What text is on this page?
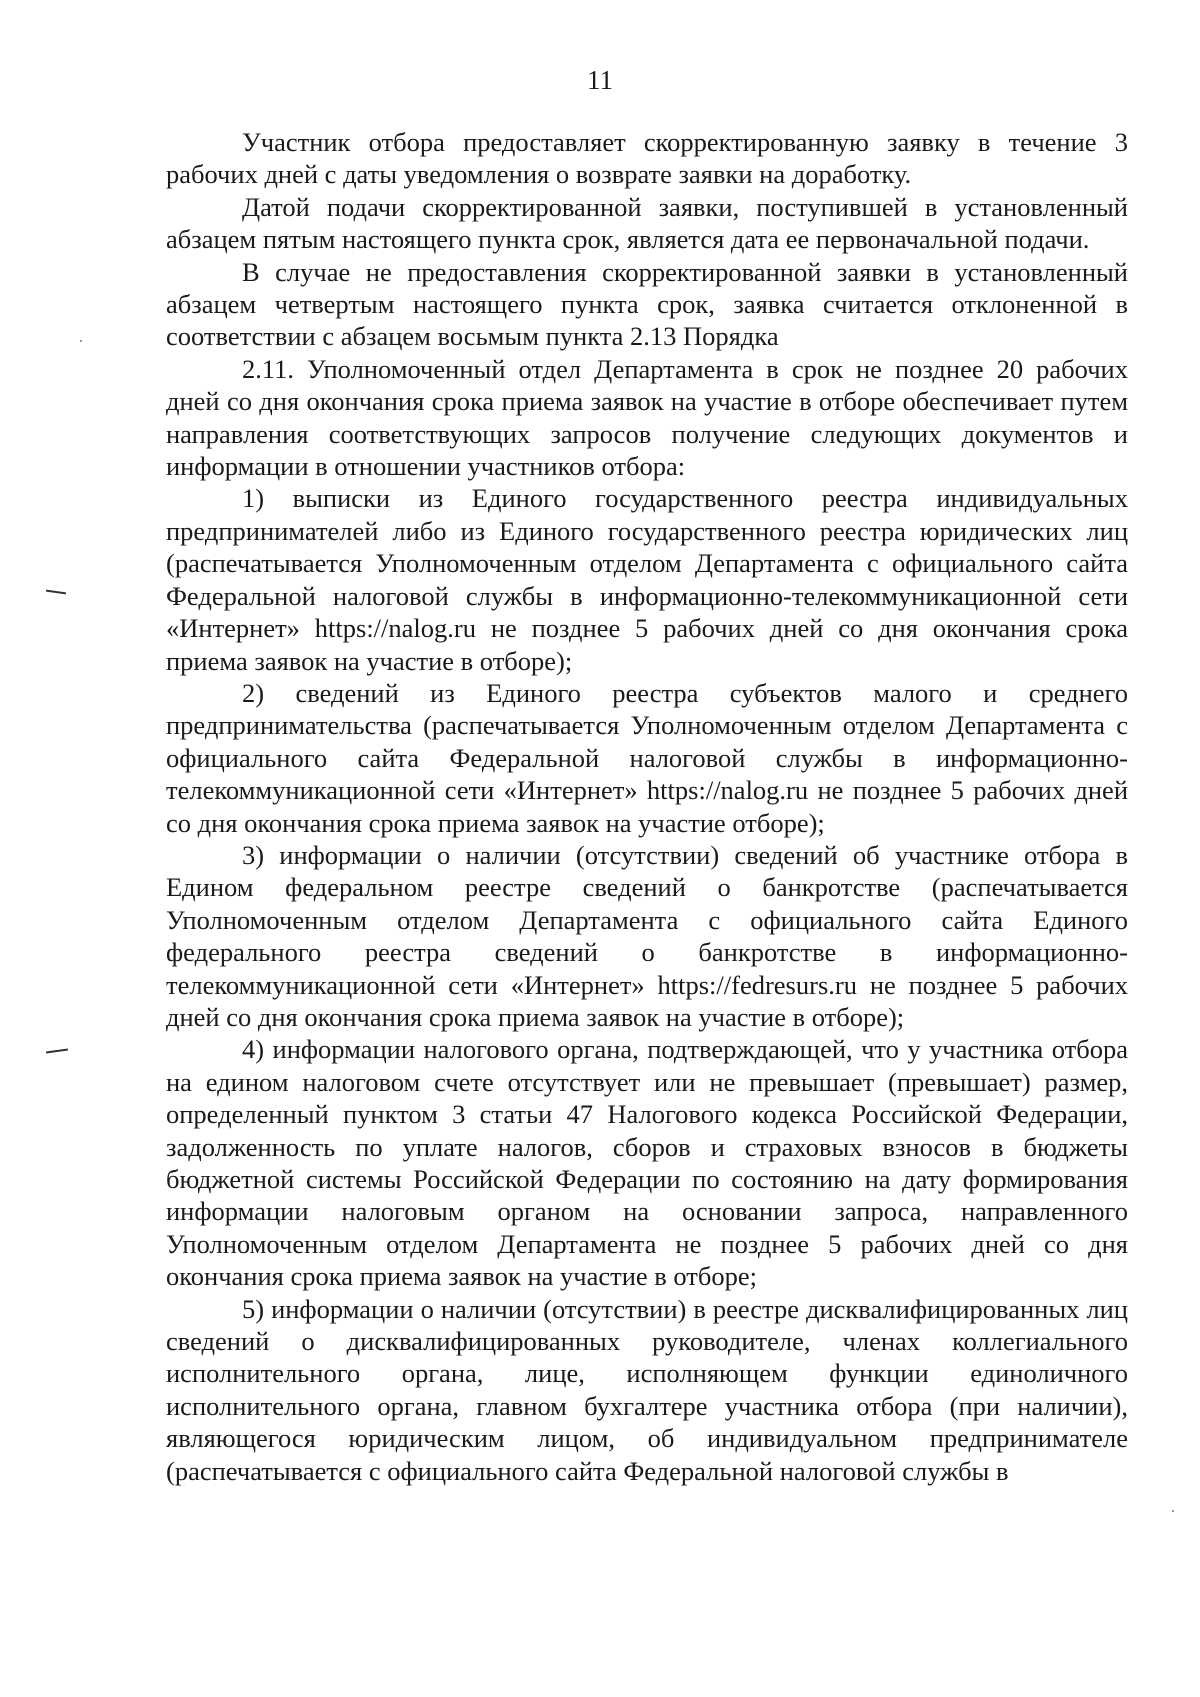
11

Участник отбора предоставляет скорректированную заявку в течение 3 рабочих дней с даты уведомления о возврате заявки на доработку.

Датой подачи скорректированной заявки, поступившей в установленный абзацем пятым настоящего пункта срок, является дата ее первоначальной подачи.

В случае не предоставления скорректированной заявки в установленный абзацем четвертым настоящего пункта срок, заявка считается отклоненной в соответствии с абзацем восьмым пункта 2.13 Порядка

2.11. Уполномоченный отдел Департамента в срок не позднее 20 рабочих дней со дня окончания срока приема заявок на участие в отборе обеспечивает путем направления соответствующих запросов получение следующих документов и информации в отношении участников отбора:

1) выписки из Единого государственного реестра индивидуальных предпринимателей либо из Единого государственного реестра юридических лиц (распечатывается Уполномоченным отделом Департамента с официального сайта Федеральной налоговой службы в информационно-телекоммуникационной сети «Интернет» https://nalog.ru не позднее 5 рабочих дней со дня окончания срока приема заявок на участие в отборе);

2) сведений из Единого реестра субъектов малого и среднего предпринимательства (распечатывается Уполномоченным отделом Департамента с официального сайта Федеральной налоговой службы в информационно-телекоммуникационной сети «Интернет» https://nalog.ru не позднее 5 рабочих дней со дня окончания срока приема заявок на участие отборе);

3) информации о наличии (отсутствии) сведений об участнике отбора в Едином федеральном реестре сведений о банкротстве (распечатывается Уполномоченным отделом Департамента с официального сайта Единого федерального реестра сведений о банкротстве в информационно-телекоммуникационной сети «Интернет» https://fedresurs.ru не позднее 5 рабочих дней со дня окончания срока приема заявок на участие в отборе);

4) информации налогового органа, подтверждающей, что у участника отбора на едином налоговом счете отсутствует или не превышает (превышает) размер, определенный пунктом 3 статьи 47 Налогового кодекса Российской Федерации, задолженность по уплате налогов, сборов и страховых взносов в бюджеты бюджетной системы Российской Федерации по состоянию на дату формирования информации налоговым органом на основании запроса, направленного Уполномоченным отделом Департамента не позднее 5 рабочих дней со дня окончания срока приема заявок на участие в отборе;

5) информации о наличии (отсутствии) в реестре дисквалифицированных лиц сведений о дисквалифицированных руководителе, членах коллегиального исполнительного органа, лице, исполняющем функции единоличного исполнительного органа, главном бухгалтере участника отбора (при наличии), являющегося юридическим лицом, об индивидуальном предпринимателе (распечатывается с официального сайта Федеральной налоговой службы в
